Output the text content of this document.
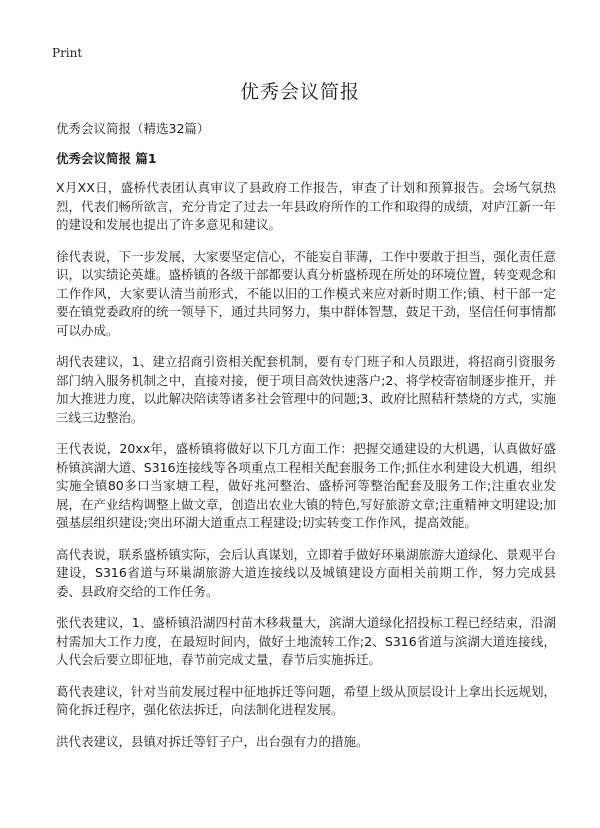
Print
优秀会议简报

优秀会议简报（精选32篇）

优秀会议简报 篇1

X月XX日，盛桥代表团认真审议了县政府工作报告，审查了计划和预算报告。会场气氛热烈，代表们畅所欲言，充分肯定了过去一年县政府所作的工作和取得的成绩，对庐江新一年的建设和发展也提出了许多意见和建议。

徐代表说，下一步发展，大家要坚定信心，不能妄自菲薄，工作中要敢于担当，强化责任意识，以实绩论英雄。盛桥镇的各级干部都要认真分析盛桥现在所处的环境位置，转变观念和工作作风，大家要认清当前形式，不能以旧的工作模式来应对新时期工作;镇、村干部一定要在镇党委政府的统一领导下，通过共同努力，集中群体智慧，鼓足干劲，坚信任何事情都可以办成。

胡代表建议，1、建立招商引资相关配套机制，要有专门班子和人员跟进，将招商引资服务部门纳入服务机制之中，直接对接，便于项目高效快速落户;2、将学校寄宿制逐步推开，并加大推进力度，以此解决陪读等诸多社会管理中的问题;3、政府比照秸秆禁烧的方式，实施三线三边整治。

王代表说，20xx年，盛桥镇将做好以下几方面工作：把握交通建设的大机遇，认真做好盛桥镇滨湖大道、S316连接线等各项重点工程相关配套服务工作;抓住水利建设大机遇，组织实施全镇80多口当家塘工程，做好兆河整治、盛桥河等整治配套及服务工作;注重农业发展，在产业结构调整上做文章，创造出农业大镇的特色,写好旅游文章;注重精神文明建设;加强基层组织建设;突出环湖大道重点工程建设;切实转变工作作风，提高效能。

高代表说，联系盛桥镇实际，会后认真谋划，立即着手做好环巢湖旅游大道绿化、景观平台建设，S316省道与环巢湖旅游大道连接线以及城镇建设方面相关前期工作，努力完成县委、县政府交给的工作任务。

张代表建议，1、盛桥镇沿湖四村苗木移栽量大，滨湖大道绿化招投标工程已经结束，沿湖村需加大工作力度，在最短时间内，做好土地流转工作;2、S316省道与滨湖大道连接线，人代会后要立即征地，春节前完成丈量，春节后实施拆迁。

葛代表建议，针对当前发展过程中征地拆迁等问题，希望上级从顶层设计上拿出长远规划，简化拆迁程序，强化依法拆迁，向法制化进程发展。

洪代表建议，县镇对拆迁等钉子户，出台强有力的措施。
